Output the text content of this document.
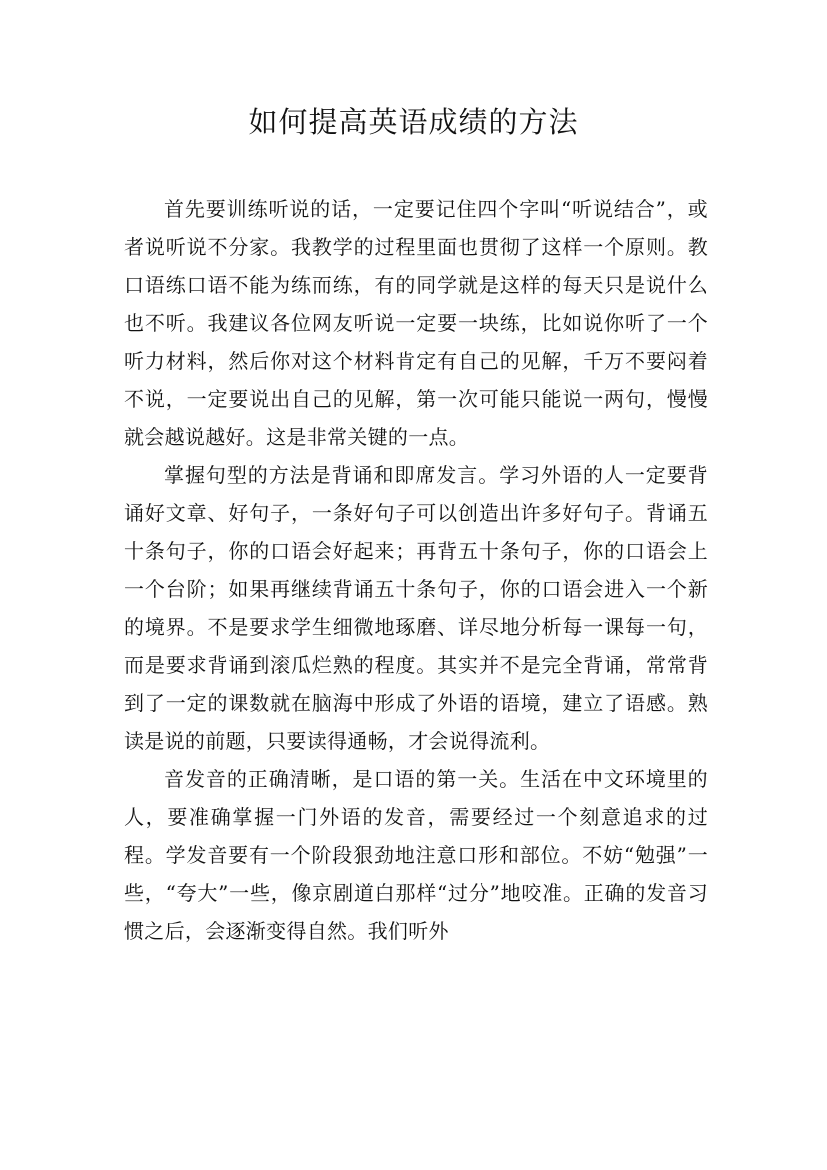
如何提高英语成绩的方法

首先要训练听说的话，一定要记住四个字叫“听说结合”，或者说听说不分家。我教学的过程里面也贯彻了这样一个原则。教口语练口语不能为练而练，有的同学就是这样的每天只是说什么也不听。我建议各位网友听说一定要一块练，比如说你听了一个听力材料，然后你对这个材料肯定有自己的见解，千万不要闷着不说，一定要说出自己的见解，第一次可能只能说一两句，慢慢就会越说越好。这是非常关键的一点。

掌握句型的方法是背诵和即席发言。学习外语的人一定要背诵好文章、好句子，一条好句子可以创造出许多好句子。背诵五十条句子，你的口语会好起来；再背五十条句子，你的口语会上一个台阶；如果再继续背诵五十条句子，你的口语会进入一个新的境界。不是要求学生细微地琢磨、详尽地分析每一课每一句，而是要求背诵到滚瓜烂熟的程度。其实并不是完全背诵，常常背到了一定的课数就在脑海中形成了外语的语境，建立了语感。熟读是说的前题，只要读得通畅，才会说得流利。

音发音的正确清晰，是口语的第一关。生活在中文环境里的人，要准确掌握一门外语的发音，需要经过一个刻意追求的过程。学发音要有一个阶段狠劲地注意口形和部位。不妨“勉强”一些，“夸大”一些，像京剧道白那样“过分”地咬准。正确的发音习惯之后，会逐渐变得自然。我们听外
